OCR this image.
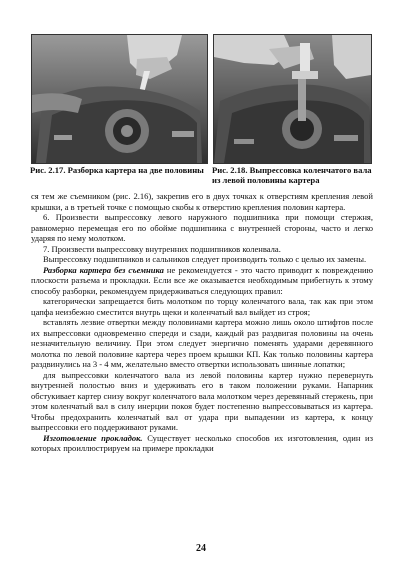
Рис. 2.17. Разборка картера на две половины Рис. 2.18. Выпрессовка коленчатого вала из левой половины картера

ся тем же съемником (рис. 2.16), закрепив его в двух точках к отверстиям крепления левой крышки, а в третьей точке с помощью скобы к отверстию крепления половин картера.

6. Произвести выпрессовку левого наружного подшипника при помощи стержня, равномерно перемещая его по обойме подшипника с внутренней стороны, часто и легко ударяя по нему молотком.

7. Произвести выпрессовку внутренних подшипников коленвала.

Выпрессовку подшипников и сальников следует производить только с целью их замены.

Разборка картера без съемника не рекомендуется - это часто приводит к повреждению плоскости разъема и прокладки. Если все же оказывается необходимым прибегнуть к этому способу разборки, рекомендуем придерживаться следующих правил:

категорически запрещается бить молотком по торцу коленчатого вала, так как при этом цапфа неизбежно сместится внутрь щеки и коленчатый вал выйдет из строя;

вставлять лезвие отвертки между половинами картера можно лишь около штифтов после их выпрессовки одновременно спереди и сзади, каждый раз раздвигая половины на очень незначительную величину. При этом следует энергично поменять ударами деревянного молотка по левой половине картера через проем крышки КП. Как только половины картера раздвинулись на 3 - 4 мм, желательно вместо отвертки использовать шинные лопатки;

для выпрессовки коленчатого вала из левой половины картер нужно перевернуть внутренней полостью вниз и удерживать его в таком положении руками. Напарник обстукивает картер снизу вокруг коленчатого вала молотком через деревянный стержень, при этом коленчатый вал в силу инерции покоя будет постепенно выпрессовываться из картера. Чтобы предохранить коленчатый вал от удара при выпадении из картера, к концу выпрессовки его поддерживают руками.

Изготовление прокладок. Существует несколько способов их изготовления, один из которых проиллюстрируем на примере прокладки

24
